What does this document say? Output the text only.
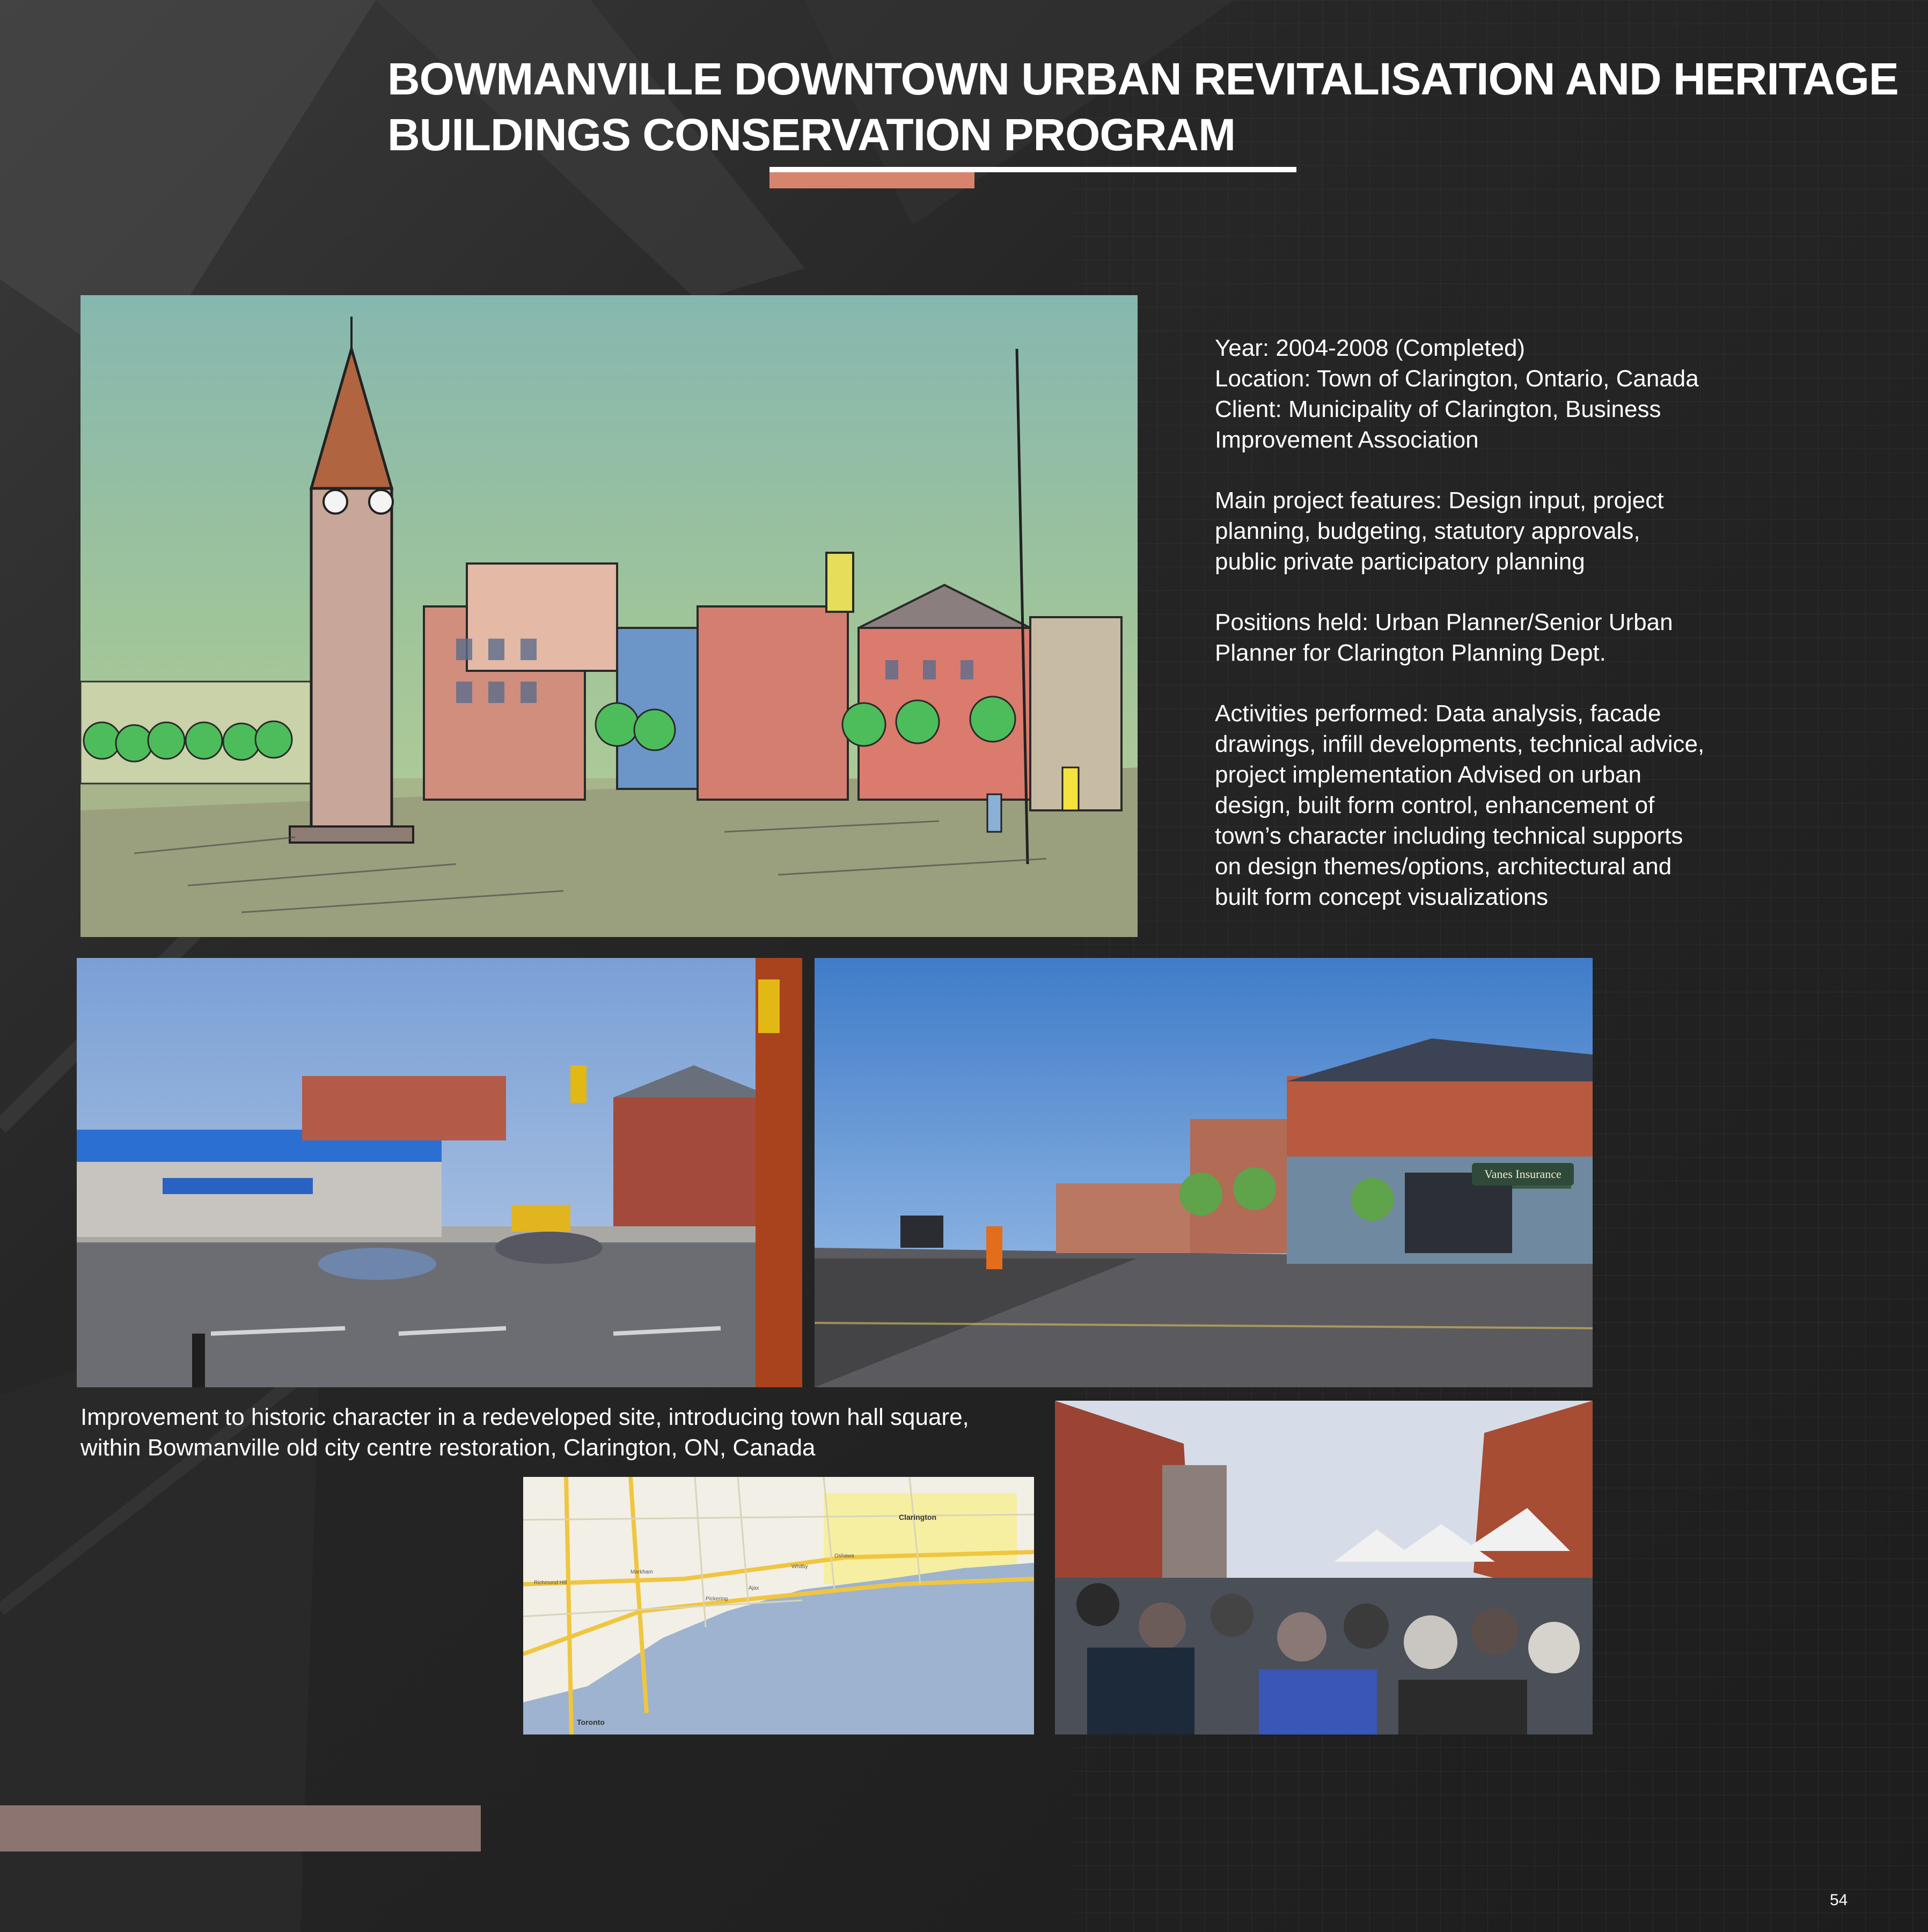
BOWMANVILLE DOWNTOWN URBAN REVITALISATION AND HERITAGE
BUILDINGS CONSERVATION PROGRAM

Year: 2004-2008 (Completed)
Location: Town of Clarington, Ontario, Canada
Client: Municipality of Clarington, Business
Improvement Association

Main project features: Design input, project
planning, budgeting, statutory approvals,
public private participatory planning

Positions held: Urban Planner/Senior Urban
Planner for Clarington Planning Dept.

Activities performed: Data analysis, facade
drawings, infill developments, technical advice,
project implementation Advised on urban
design, built form control, enhancement of
town’s character including technical supports
on design themes/options, architectural and
built form concept visualizations

Vanes Insurance
Improvement to historic character in a redeveloped site, introducing town hall square,
within Bowmanville old city centre restoration, Clarington, ON, Canada
Clarington
Toronto
Markham
Richmond Hill
Whitby
Oshawa
Pickering
Ajax
54
